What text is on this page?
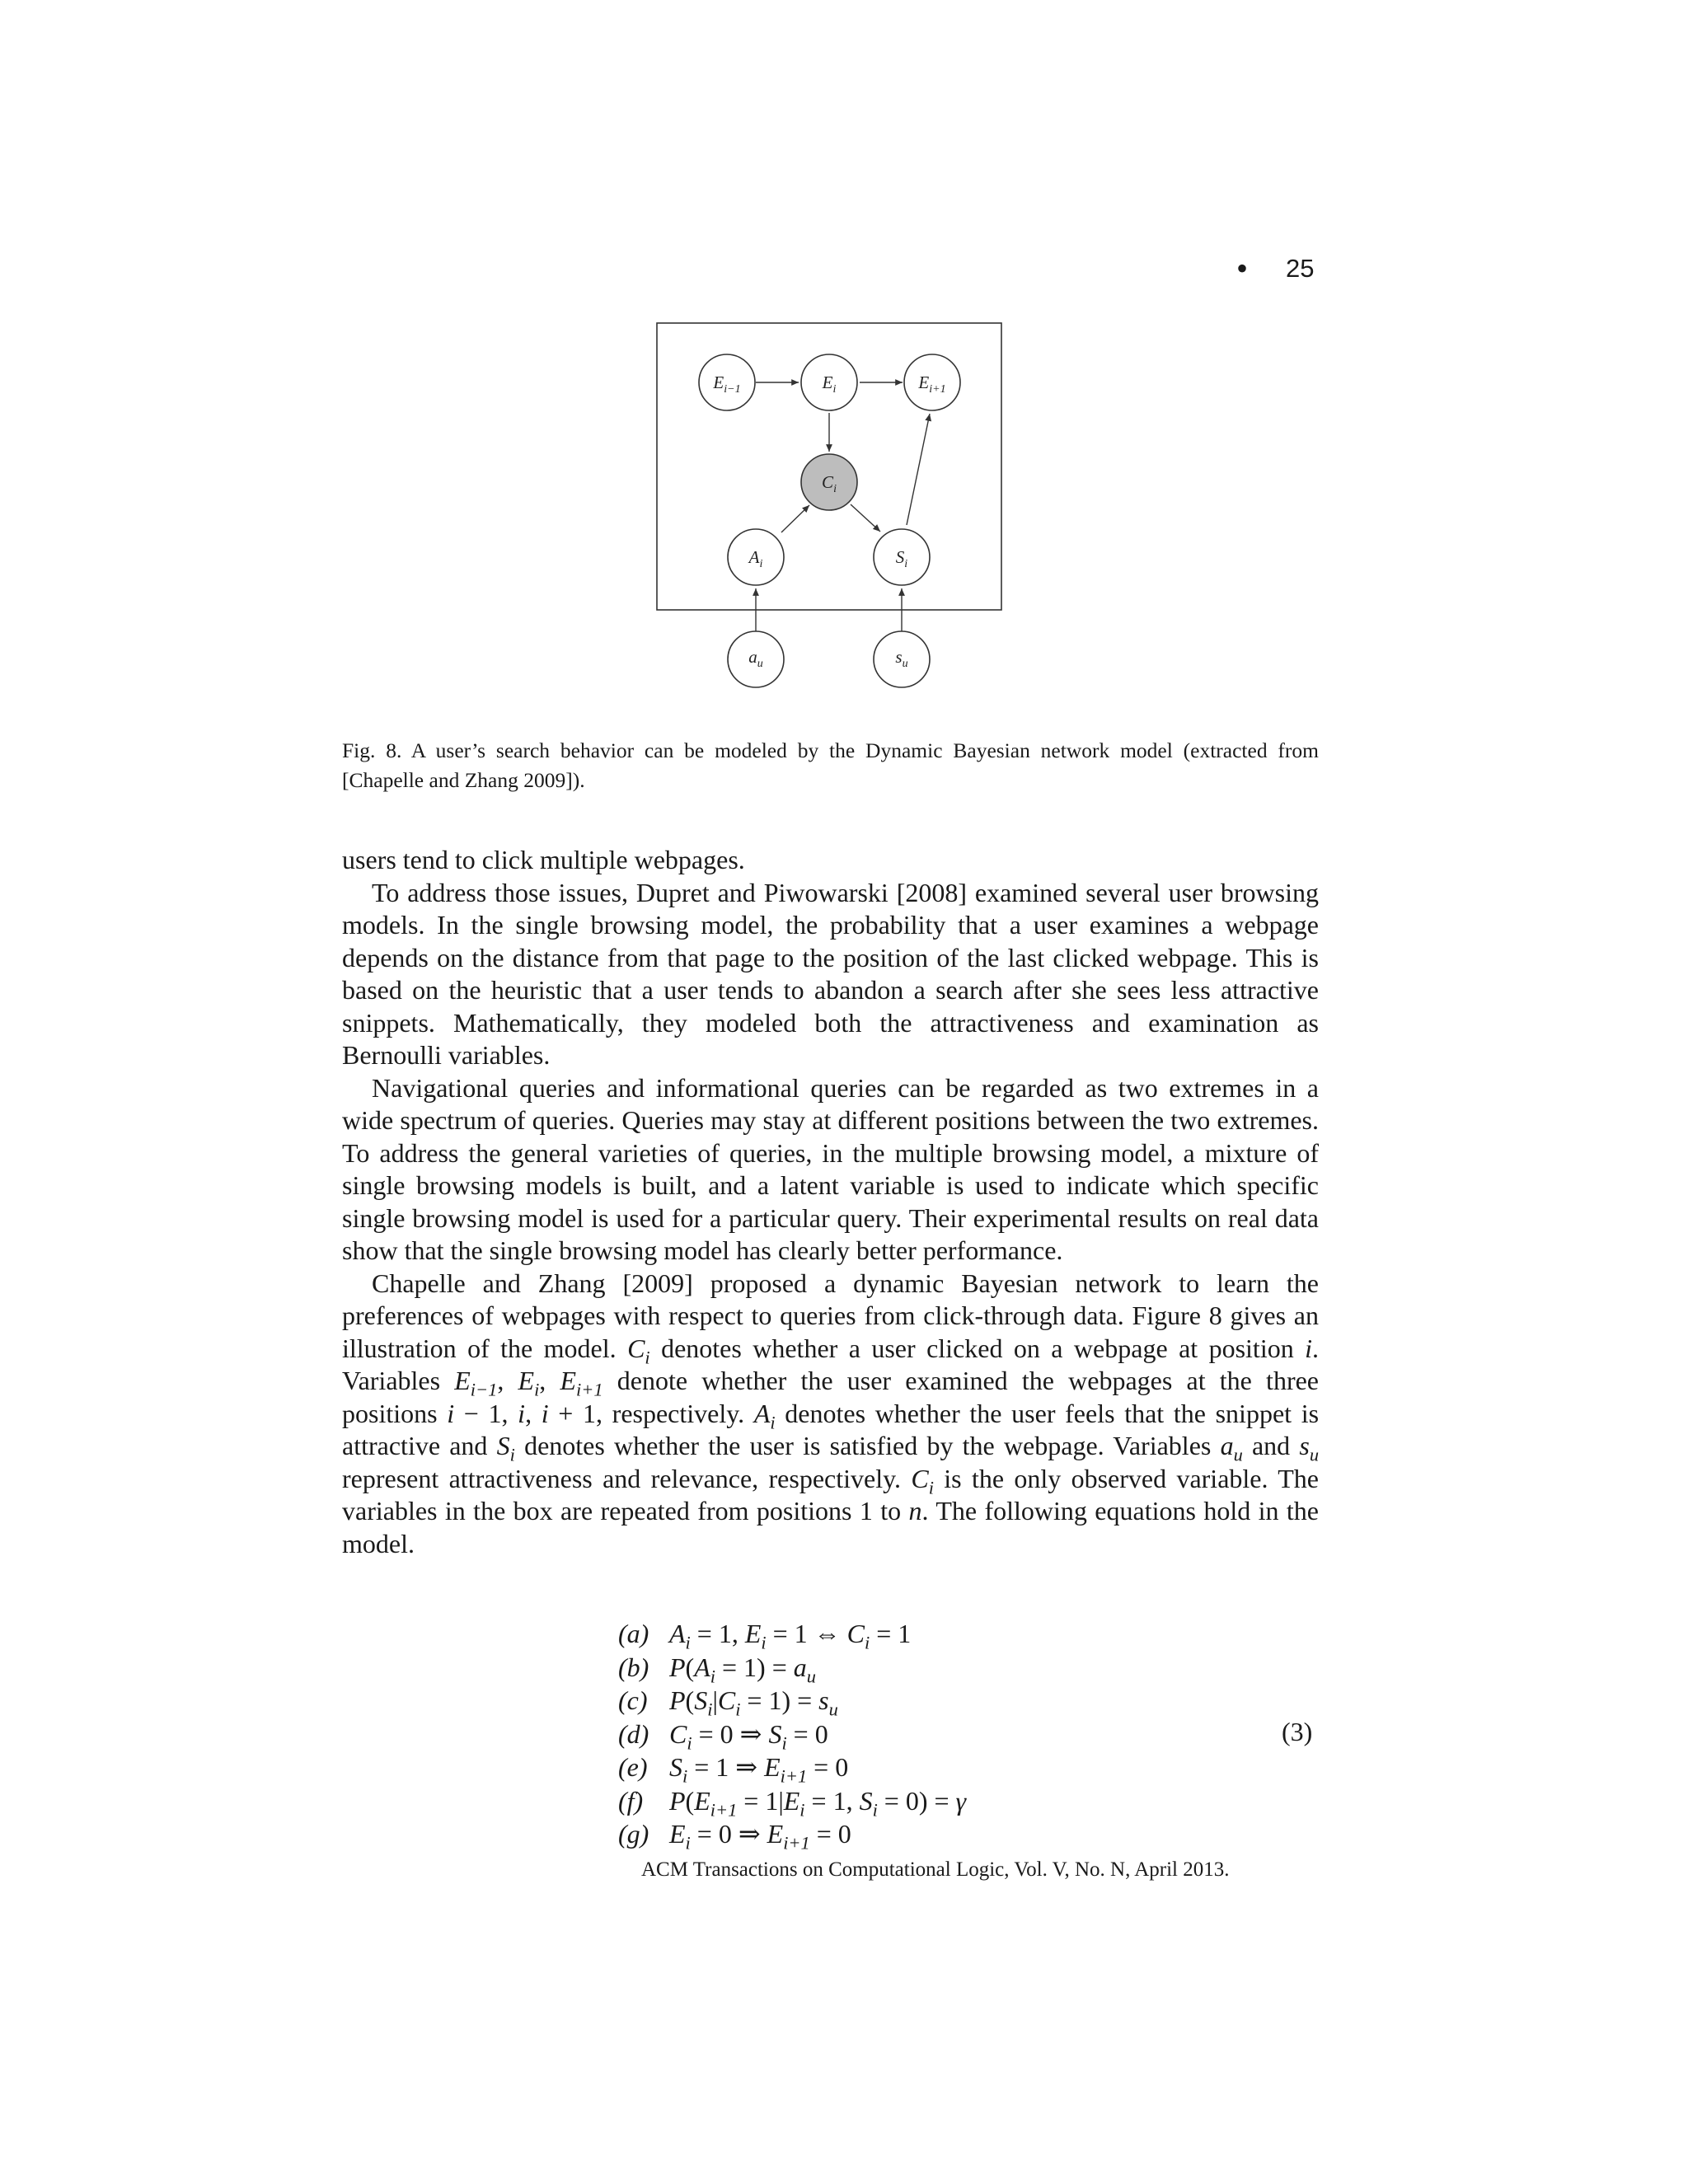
• 25
$E_{i-1}$	$E_i$	$E_{i+1}$
$C_i$
$A_i$	$S_i$
$a_u$	$s_u$
Fig. 8. A user’s search behavior can be modeled by the Dynamic Bayesian network model (extracted from [Chapelle and Zhang 2009]).

users tend to click multiple webpages.

To address those issues, Dupret and Piwowarski [2008] examined several user browsing models. In the single browsing model, the probability that a user examines a webpage depends on the distance from that page to the position of the last clicked webpage. This is based on the heuristic that a user tends to abandon a search after she sees less attractive snippets. Mathematically, they modeled both the attractiveness and examination as Bernoulli variables.

Navigational queries and informational queries can be regarded as two extremes in a wide spectrum of queries. Queries may stay at different positions between the two extremes. To address the general varieties of queries, in the multiple browsing model, a mixture of single browsing models is built, and a latent variable is used to indicate which specific single browsing model is used for a particular query. Their experimental results on real data show that the single browsing model has clearly better performance.

Chapelle and Zhang [2009] proposed a dynamic Bayesian network to learn the preferences of webpages with respect to queries from click-through data. Figure 8 gives an illustration of the model. $C_i$ denotes whether a user clicked on a webpage at position i. Variables $E_{i-1}$, $E_i$, $E_{i+1}$ denote whether the user examined the webpages at the three positions i − 1, i, i + 1, respectively. $A_i$ denotes whether the user feels that the snippet is attractive and $S_i$ denotes whether the user is satisfied by the webpage. Variables $a_u$ and $s_u$ represent attractiveness and relevance, respectively. $C_i$ is the only observed variable. The variables in the box are repeated from positions 1 to n. The following equations hold in the model.

(a) $A_i = 1$, $E_i = 1$ ⇔ $C_i = 1$
(b) $P(A_i = 1) = a_u$
(c) $P(S_i|C_i = 1) = s_u$
(d) $C_i = 0$ ⇒ $S_i = 0$
(e) $S_i = 1$ ⇒ $E_{i+1} = 0$
(f) $P(E_{i+1} = 1|E_i = 1$, $S_i = 0) = \gamma$
(g) $E_i = 0$ ⇒ $E_{i+1} = 0$
(3)
ACM Transactions on Computational Logic, Vol. V, No. N, April 2013.
